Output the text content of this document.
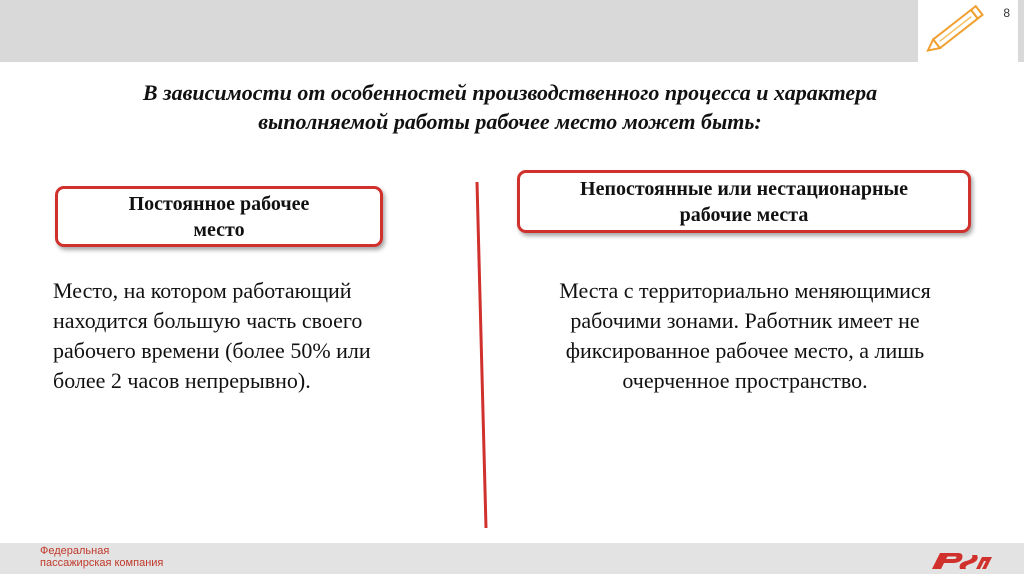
8
В зависимости от особенностей производственного процесса и характера
выполняемой работы рабочее место может быть:
Постоянное рабочее
место
Непостоянные или нестационарные
рабочие места
Место, на котором работающий
находится большую часть своего
рабочего времени (более 50% или
более 2 часов непрерывно).
Места с территориально меняющимися
рабочими зонами. Работник имеет не
фиксированное рабочее место, а лишь
очерченное пространство.
Федеральная
пассажирская компания
